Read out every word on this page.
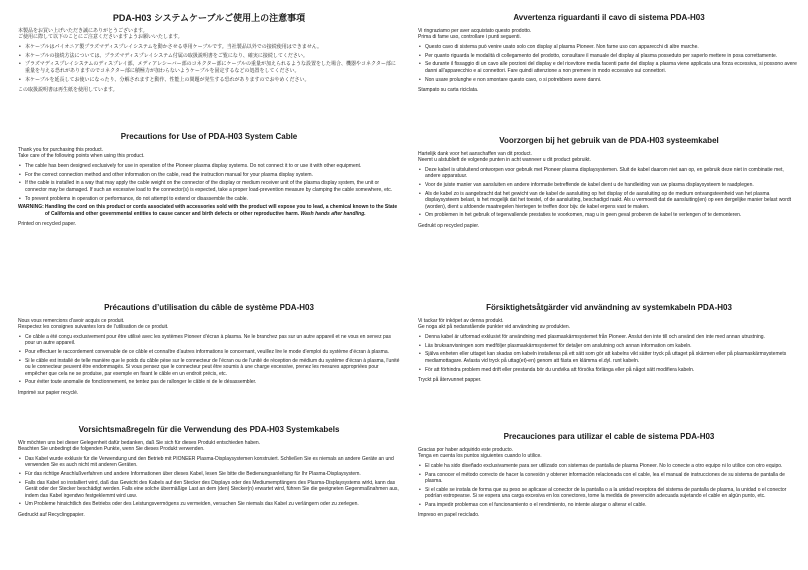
PDA-H03 システムケーブルご使用上の注意事項

本製品をお買い上げいただき誠にありがとうございます。

ご使用に際して以下のことにご注意くださいますようお願いいたします。

• 本ケーブルはパイオニア製プラズマディスプレイシステムを動かさせる専用ケーブルです。当社製品以外での接続使用はできません。
• 本ケーブルの接続方法については、プラズマディスプレイシステム付属の取扱説明書をご覧になり、確実に接続してください。
• プラズマディスプレイシステムのディスプレイ部、メディアレシーバー部のコネクター部にケーブルの重量が加えられるような設置をした場合、機器やコネクター部に重量を与える恐れがありますのでコネクター部に積極力が加わらないようケーブルを固定するなどの処置をしてください。
• 本ケーブルを延長してお使いになったり、分解されますと動作、性能上の問題が発生する恐れがありますのでおやめください。

この取扱説明書は再生紙を使用しています。

Precautions for Use of PDA-H03 System Cable

Thank you for purchasing this product.

Take care of the following points when using this product.

• The cable has been designed exclusively for use in operation of the Pioneer plasma display systems. Do not connect it to or use it with other equipment.
• For the correct connection method and other information on the cable, read the instruction manual for your plasma display system.
• If the cable is installed in a way that may apply the cable weight on the connector of the display or medium receiver unit of the plasma display system, the unit or connector may be damaged. If such an excessive load to the connector(s) is expected, take a proper load-prevention measure by clamping the cable somewhere, etc.
• To prevent problems in operation or performance, do not attempt to extend or disassemble the cable.
WARNING: Handling the cord on this product or cords associated with accessories sold with the product will expose you to lead, a chemical known to the State of California and other governmental entities to cause cancer and birth defects or other reproductive harm. Wash hands after handling.

Printed on recycled paper.

Précautions d’utilisation du câble de système PDA-H03

Nous vous remercions d’avoir acquis ce produit.

Respectez les consignes suivantes lors de l’utilisation de ce produit.

• Ce câble a été conçu exclusivement pour être utilisé avec les systèmes Pioneer d’écran à plasma. Ne le branchez pas sur un autre appareil et ne vous en servez pas pour un autre appareil.
• Pour effectuer le raccordement convenable de ce câble et connaître d’autres informations le concernant, veuillez lire le mode d’emploi du système d’écran à plasma.
• Si le câble est installé de telle manière que le poids du câble pèse sur le connecteur de l’écran ou de l’unité de réception de médium du système d’écran à plasma, l’unité ou le connecteur peuvent être endommagés. Si vous pensez que le connecteur peut être soumis à une charge excessive, prenez les mesures appropriées pour empêcher que cela ne se produise, par exemple en fixant le câble en un endroit précis, etc.
• Pour éviter toute anomalie de fonctionnement, ne tentez pas de rallonger le câble ni de le désassembler.

Imprimé sur papier recyclé.

Vorsichtsmaßregeln für die Verwendung des PDA-H03 Systemkabels

Wir möchten uns bei dieser Gelegenheit dafür bedanken, daß Sie sich für dieses Produkt entschieden haben.

Beachten Sie unbedingt die folgenden Punkte, wenn Sie dieses Produkt verwenden.

• Das Kabel wurde exklusiv für die Verwendung und den Betrieb mit PIONEER Plasma-Displaysystemen konstruiert. Schließen Sie es niemals an andere Geräte an und verwenden Sie es auch nicht mit anderen Geräten.
• Für das richtige Anschlußverfahren und andere Informationen über dieses Kabel, lesen Sie bitte die Bedienungsanleitung für Ihr Plasma-Displaysystem.
• Falls das Kabel so installiert wird, daß das Gewicht des Kabels auf den Stecker des Displays oder des Mediumempfängers des Plasma-Displaysystems wirkt, kann das Gerät oder der Stecker beschädigt werden. Falls eine solche übermäßige Last an dem (den) Stecker(n) erwartet wird, führen Sie die geeigneten Gegenmaßnahmen aus, indem das Kabel irgendwo festgeklemmt wird usw.
• Um Probleme hinsichtlich des Betriebs oder des Leistungsvermögens zu vermeiden, versuchen Sie niemals das Kabel zu verlängern oder zu zerlegen.

Gedruckt auf Recyclingpapier.

Avvertenza riguardanti il cavo di sistema PDA-H03

Vi ringraziamo per aver acquistato questo prodotto.

Prima di fame uso, controllare i punti seguenti.

• Questo cavo di sistema può venire usato solo con display al plasma Pioneer. Non farne uso con apparecchi di altre marche.
• Per quanto riguarda le modalità di collegamento del prodotto, consultare il manuale del display al plasma posseduto per saperlo mettere in posa correttamente.
• Se durante il fissaggio di un cavo alle porzioni del display e del ricevitore media facenti parte del display a plasma viene applicata una forza eccessiva, si possono avere danni all’apparecchio e ai connettori. Fare quindi attenzione a non premere in modo eccessivo sui connettori.
• Non usare prolunghe e non smontare questo cavo, o si potrebbero avere danni.

Stampato su carta riciclata.

Voorzorgen bij het gebruik van de PDA-H03 systeemkabel

Hartelijk dank voor het aanschaffen van dit product.

Neemt u alstublieft de volgende punten in acht wanneer u dit product gebruikt.

• Deze kabel is uitsluitend ontworpen voor gebruik met Pioneer plasma displaysystemen. Sluit de kabel daarom niet aan op, en gebruik deze niet in combinatie met, andere apparatuur.
• Voor de juiste manier van aansluiten en andere informatie betreffende de kabel dient u de handleiding van uw plasma displaysysteem te raadplegen.
• Als de kabel zo is aangebracht dat het gewicht van de kabel de aansluiting op het display of de aansluiting op de medium ontvangsteenheid van het plasma displaysysteem belast, is het mogelijk dat het toestel, of de aansluiting, beschadigd raakt. Als u vermoedt dat de aansluiting(en) op een dergelijke manier belast wordt (worden), dient u afdoende maatregelen hiertegen te treffen door bijv. de kabel ergens vast te maken.
• Om problemen in het gebruik of tegenvallende prestaties te voorkomen, mag u in geen geval proberen de kabel te verlengen of te demonteren.

Gedrukt op recycled papier.

Försiktighetsåtgärder vid användning av systemkabeln PDA-H03

Vi tackar för inköpet av denna produkt.

Ge noga akt på nedanstående punkter vid användning av produkten.

• Denna kabel är utformad exklusivt för användning med plasmaskärmsystemet från Pioneer. Anslut den inte till och använd den inte med annan utrustning.
• Läs bruksanvisningen som medföljer plasmaskärmsystemet för detaljer om anslutning och annan information om kabeln.
• Själva enheten eller uttaget kan skadas om kabeln installeras på ett sätt som gör att kabelns vikt sätter tryck på uttaget på skärmen eller på plasmaskärmsystemets mediamottagare. Avlasta vid tryck på uttag(et)-en) genom att fästa en klämma el.dyl. runt kabeln.
• För att förhindra problem med drift eller prestanda bör du undvika att försöka förlänga eller på något sätt modifiera kabeln.

Tryckt på återvunnet papper.

Precauciones para utilizar el cable de sistema PDA-H03

Gracias por haber adquirido este producto.

Tenga en cuenta los puntos siguientes cuando lo utilice.

• El cable ha sido diseñado exclusivamente para ser utilizado con sistemas de pantalla de plasma Pioneer. No lo conecte a otro equipo ni lo utilice con otro equipo.
• Para conocer el método correcto de hacer la conexión y obtener información relacionada con el cable, lea el manual de instrucciones de su sistema de pantalla de plasma.
• Si el cable se instala de forma que su peso se aplicase al conector de la pantalla o a la unidad receptora del sistema de pantalla de plasma, la unidad o el conector podrían estropearse. Si se espera una carga excesiva en los conectores, tome la medida de prevención adecuada sujetando el cable en algún punto, etc.
• Para impedir problemas con el funcionamiento o el rendimiento, no intente alargar o alterar el cable.

Impreso en papel reciclado.
